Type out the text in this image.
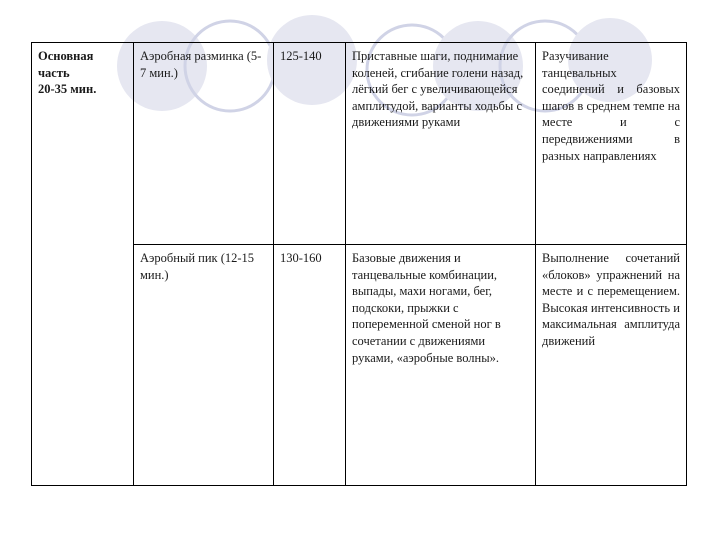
Основная
часть
20-35 мин.	Аэробная разминка (5-7 мин.)	125-140	Приставные шаги, поднимание коленей, сгибание голени назад, лёгкий бег с увеличивающейся амплитудой, варианты ходьбы с движениями руками	Разучивание танцевальных соединений и базовых шагов в среднем темпе на месте и с передвижениями в разных направлениях
	Аэробный пик (12-15 мин.)	130-160	Базовые движения и танцевальные комбинации, выпады, махи ногами, бег, подскоки, прыжки с попеременной сменой ног в сочетании с движениями руками, «аэробные волны».	Выполнение сочетаний «блоков» упражнений на месте и с перемещением. Высокая интенсивность и максимальная амплитуда движений
